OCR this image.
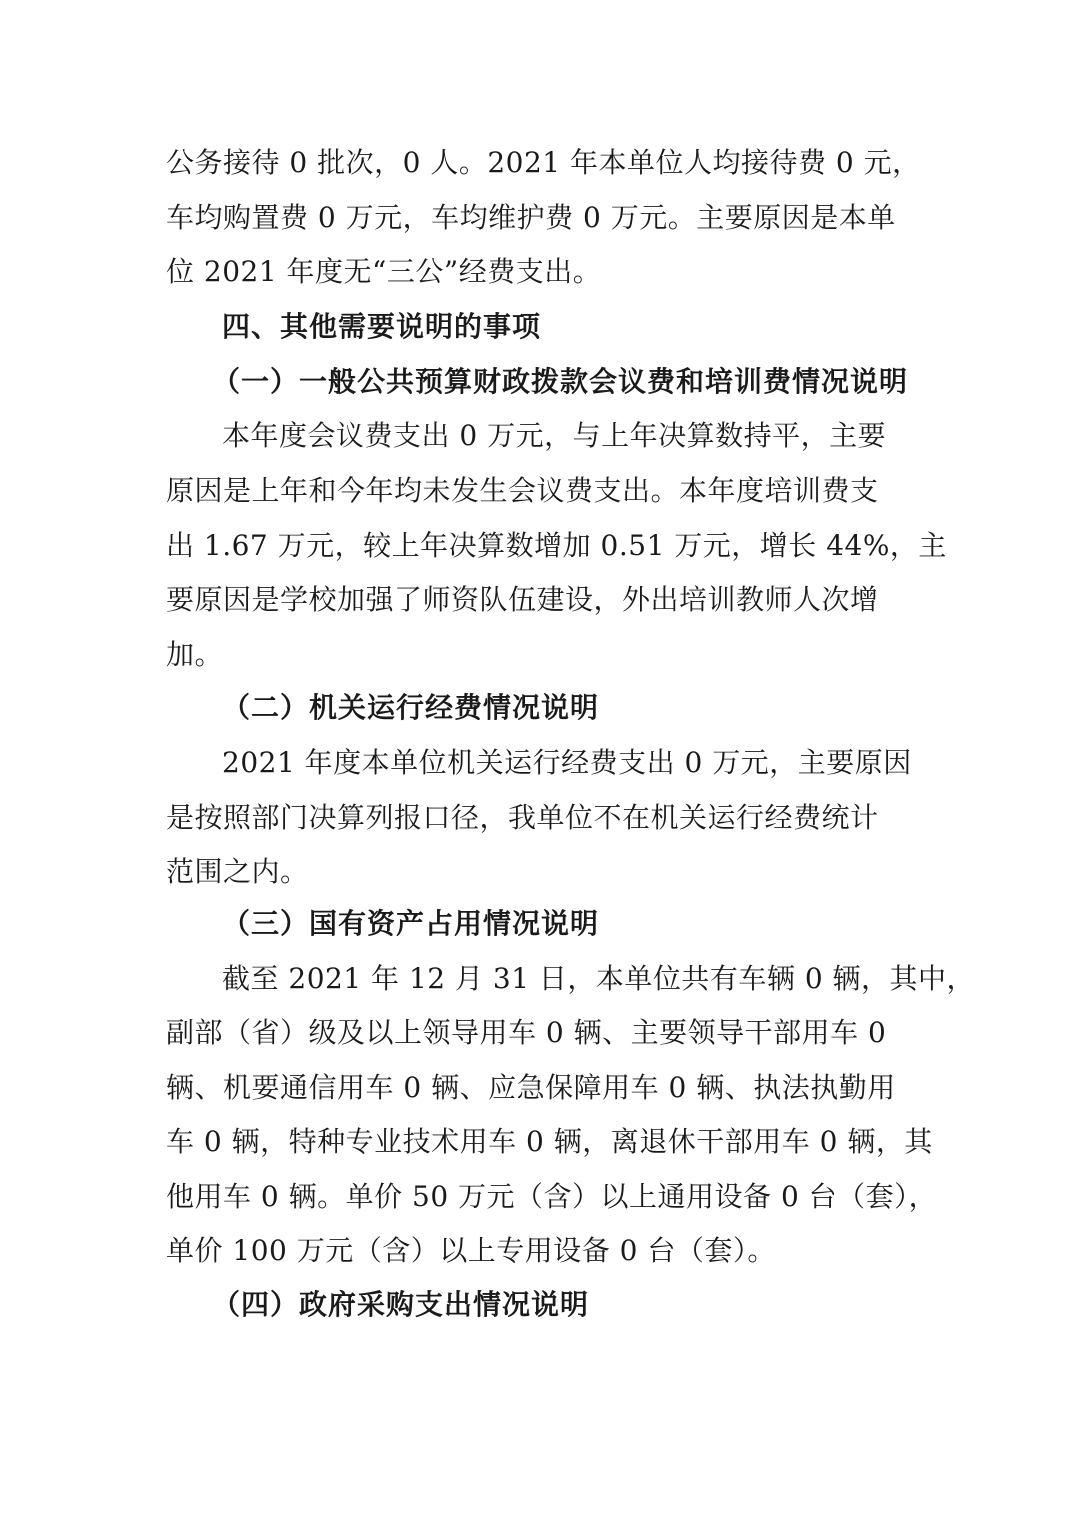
公务接待 0 批次，0 人。2021 年本单位人均接待费 0 元，
车均购置费 0 万元，车均维护费 0 万元。主要原因是本单
位 2021 年度无“三公”经费支出。
四、其他需要说明的事项
（一）一般公共预算财政拨款会议费和培训费情况说明
本年度会议费支出 0 万元，与上年决算数持平，主要
原因是上年和今年均未发生会议费支出。本年度培训费支
出 1.67 万元，较上年决算数增加 0.51 万元，增长 44%，主
要原因是学校加强了师资队伍建设，外出培训教师人次增
加。
（二）机关运行经费情况说明
2021 年度本单位机关运行经费支出 0 万元，主要原因
是按照部门决算列报口径，我单位不在机关运行经费统计
范围之内。
（三）国有资产占用情况说明
截至 2021 年 12 月 31 日，本单位共有车辆 0 辆，其中，
副部（省）级及以上领导用车 0 辆、主要领导干部用车 0
辆、机要通信用车 0 辆、应急保障用车 0 辆、执法执勤用
车 0 辆，特种专业技术用车 0 辆，离退休干部用车 0 辆，其
他用车 0 辆。单价 50 万元（含）以上通用设备 0 台（套），
单价 100 万元（含）以上专用设备 0 台（套）。
（四）政府采购支出情况说明
